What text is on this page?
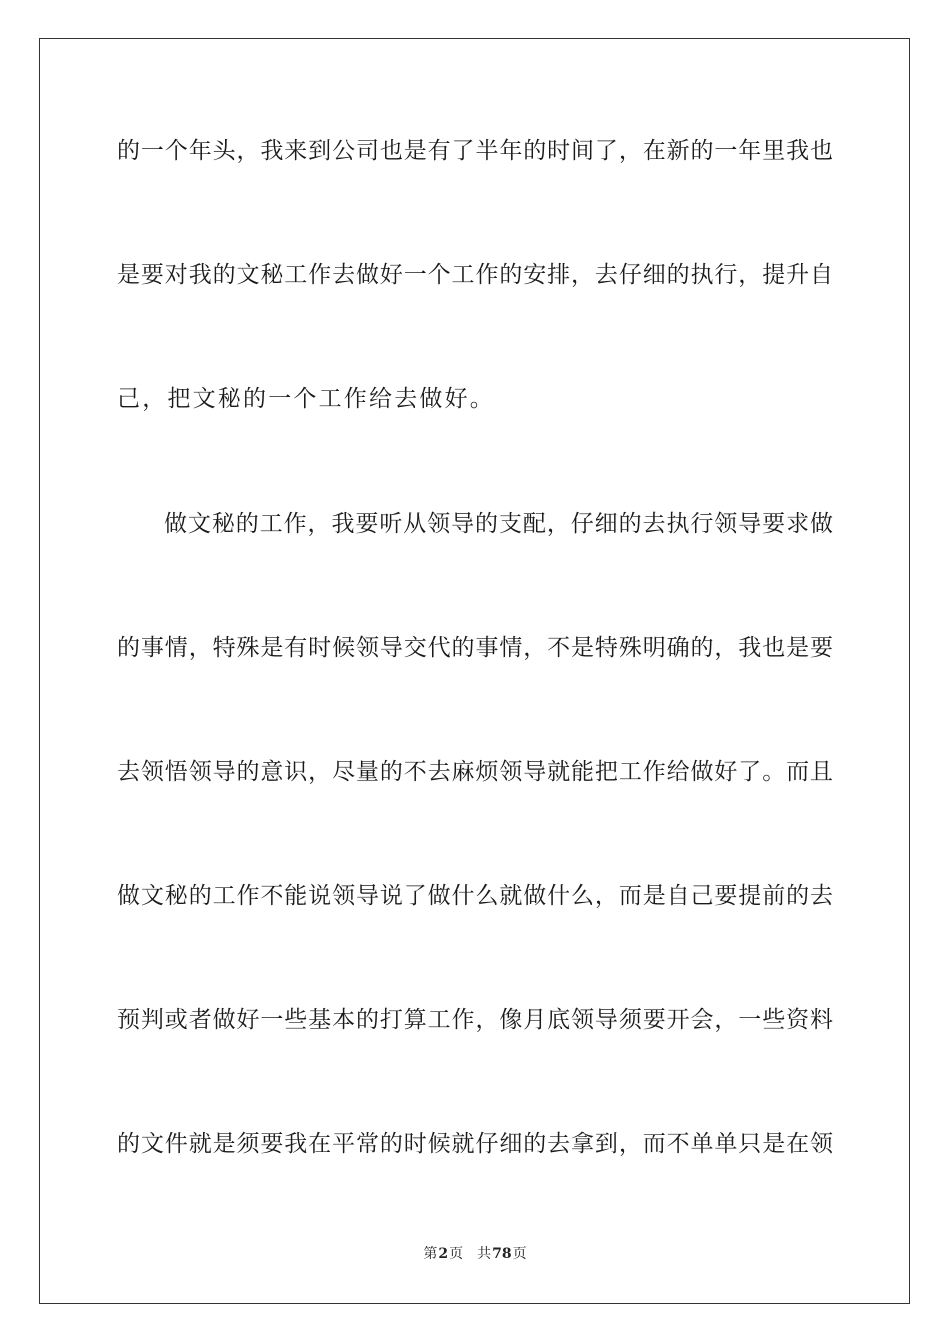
的一个年头，我来到公司也是有了半年的时间了，在新的一年里我也
是要对我的文秘工作去做好一个工作的安排，去仔细的执行，提升自
己，把文秘的一个工作给去做好。
做文秘的工作，我要听从领导的支配，仔细的去执行领导要求做
的事情，特殊是有时候领导交代的事情，不是特殊明确的，我也是要
去领悟领导的意识，尽量的不去麻烦领导就能把工作给做好了。而且
做文秘的工作不能说领导说了做什么就做什么，而是自己要提前的去
预判或者做好一些基本的打算工作，像月底领导须要开会，一些资料
的文件就是须要我在平常的时候就仔细的去拿到，而不单单只是在领
第2页 共78页
